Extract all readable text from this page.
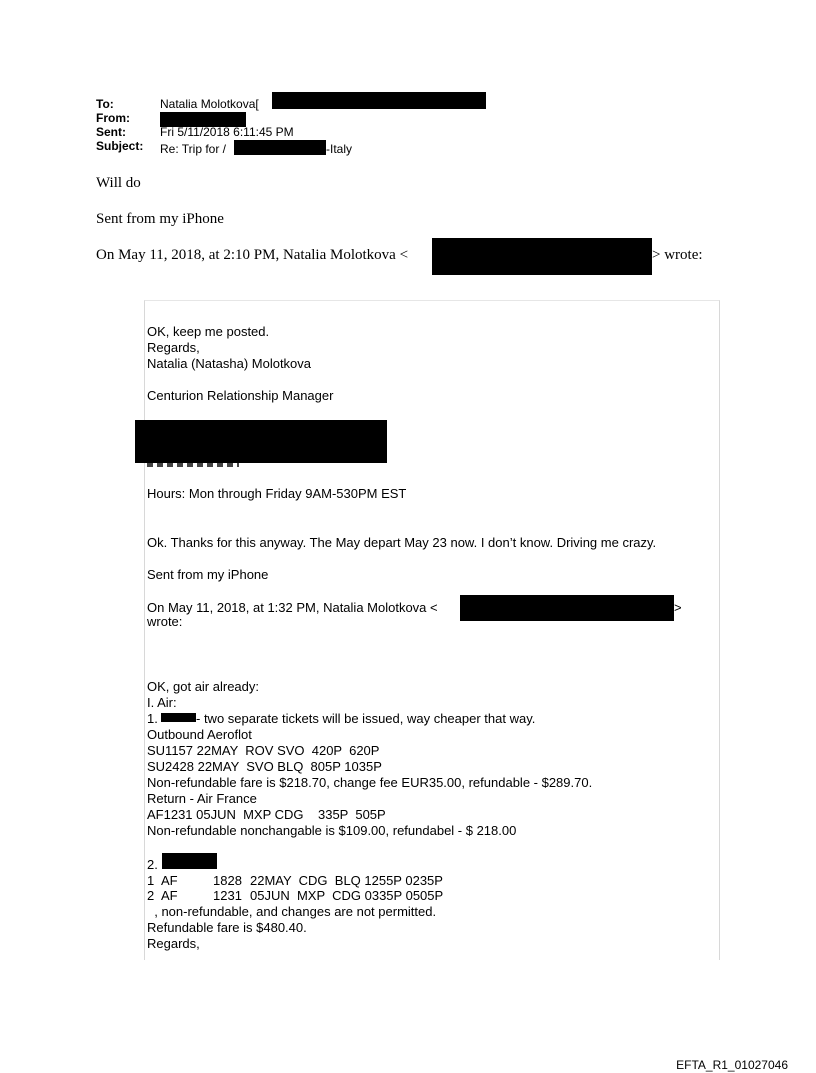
To:	Natalia Molotkova[
From:
Sent:	Fri 5/11/2018 6:11:45 PM
Subject: Re: Trip for /	-Italy
Will do
Sent from my iPhone
On May 11, 2018, at 2:10 PM, Natalia Molotkova <	> wrote:
OK, keep me posted.
Regards,
Natalia (Natasha) Molotkova
Centurion Relationship Manager
Hours: Mon through Friday 9AM-530PM EST
Ok. Thanks for this anyway. The May depart May 23 now. I don’t know. Driving me crazy.
Sent from my iPhone
On May 11, 2018, at 1:32 PM, Natalia Molotkova <	>
wrote:
OK, got air already:
I. Air:
1.	- two separate tickets will be issued, way cheaper that way.
Outbound Aeroflot
SU1157 22MAY  ROV SVO  420P  620P
SU2428 22MAY  SVO BLQ  805P 1035P
Non-refundable fare is $218.70, change fee EUR35.00, refundable - $289.70.
Return - Air France
AF1231 05JUN  MXP CDG    335P  505P
Non-refundable nonchangable is $109.00, refundabel - $ 218.00
2.
1 AF	1828 22MAY  CDG  BLQ 1255P 0235P
2 AF	1231 05JUN  MXP  CDG 0335P 0505P
, non-refundable, and changes are not permitted.
Refundable fare is $480.40.
Regards,
EFTA_R1_01027046
